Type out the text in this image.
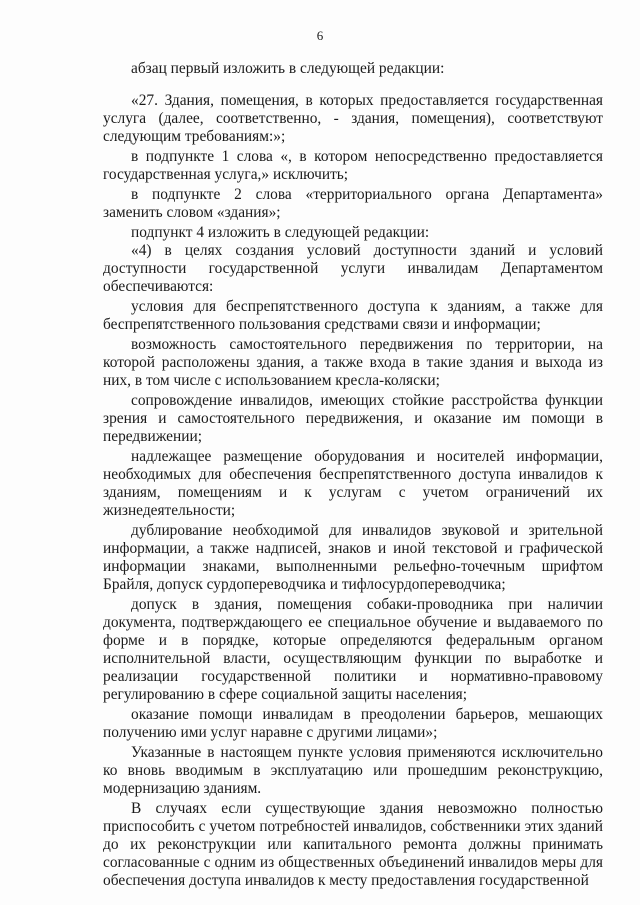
6

абзац первый изложить в следующей редакции:

«27. Здания, помещения, в которых предоставляется государственная услуга (далее, соответственно, - здания, помещения), соответствуют следующим требованиям:»;

в подпункте 1 слова «, в котором непосредственно предоставляется государственная услуга,» исключить;

в подпункте 2 слова «территориального органа Департамента» заменить словом «здания»;

подпункт 4 изложить в следующей редакции:

«4) в целях создания условий доступности зданий и условий доступности государственной услуги инвалидам Департаментом обеспечиваются:

условия для беспрепятственного доступа к зданиям, а также для беспрепятственного пользования средствами связи и информации;

возможность самостоятельного передвижения по территории, на которой расположены здания, а также входа в такие здания и выхода из них, в том числе с использованием кресла-коляски;

сопровождение инвалидов, имеющих стойкие расстройства функции зрения и самостоятельного передвижения, и оказание им помощи в передвижении;

надлежащее размещение оборудования и носителей информации, необходимых для обеспечения беспрепятственного доступа инвалидов к зданиям, помещениям и к услугам с учетом ограничений их жизнедеятельности;

дублирование необходимой для инвалидов звуковой и зрительной информации, а также надписей, знаков и иной текстовой и графической информации знаками, выполненными рельефно-точечным шрифтом Брайля, допуск сурдопереводчика и тифлосурдопереводчика;

допуск в здания, помещения собаки-проводника при наличии документа, подтверждающего ее специальное обучение и выдаваемого по форме и в порядке, которые определяются федеральным органом исполнительной власти, осуществляющим функции по выработке и реализации государственной политики и нормативно-правовому регулированию в сфере социальной защиты населения;

оказание помощи инвалидам в преодолении барьеров, мешающих получению ими услуг наравне с другими лицами»;

Указанные в настоящем пункте условия применяются исключительно ко вновь вводимым в эксплуатацию или прошедшим реконструкцию, модернизацию зданиям.

В случаях если существующие здания невозможно полностью приспособить с учетом потребностей инвалидов, собственники этих зданий до их реконструкции или капитального ремонта должны принимать согласованные с одним из общественных объединений инвалидов меры для обеспечения доступа инвалидов к месту предоставления государственной
